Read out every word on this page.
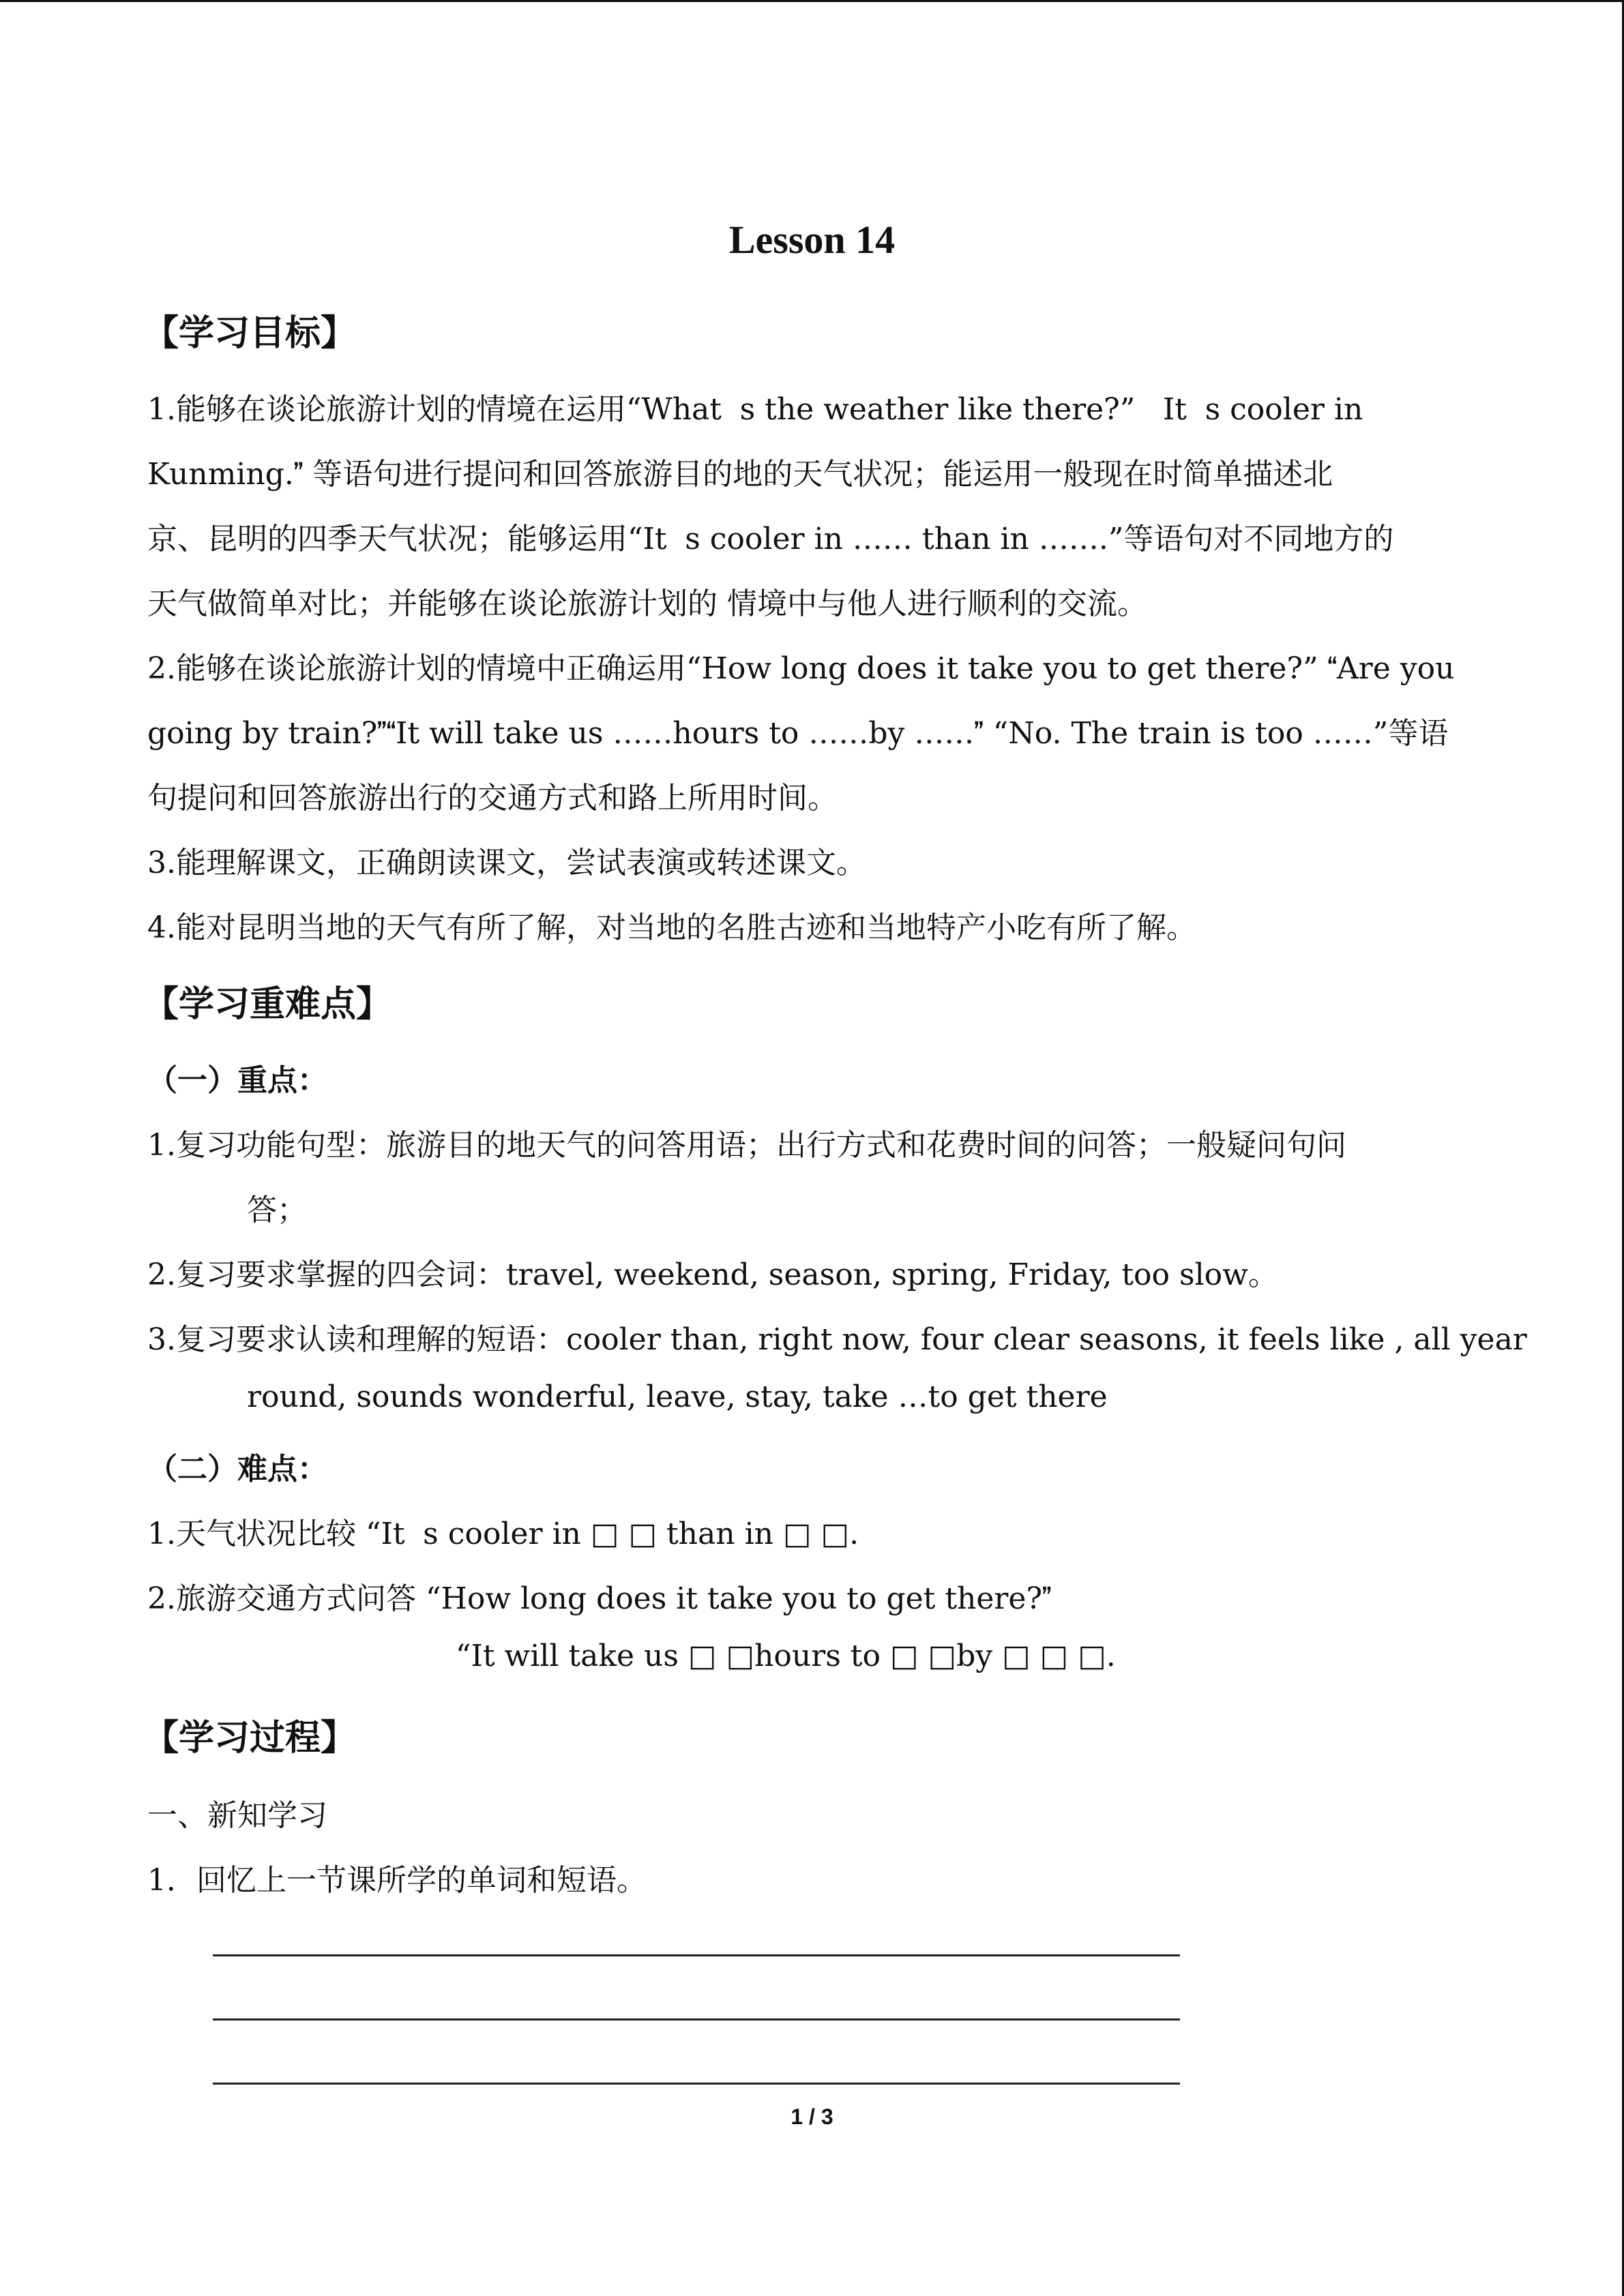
Lesson 14
【学习目标】
1.能够在谈论旅游计划的情境在运用“Whats the weather like there?” Its cooler in
Kunming. 等语句进行提问和回答旅游目的地的天气状况；能运用一般现在时简单描述北
京、昆明的四季天气状况；能够运用“Its cooler in …… than in …….”等语句对不同地方的
天气做简单对比；并能够在谈论旅游计划的 情境中与他人进行顺利的交流。
2.能够在谈论旅游计划的情境中正确运用“How long does it take you to get there?” Are you
going by train?It will take us ……hours to ……by …… “No. The train is too ……”等语
句提问和回答旅游出行的交通方式和路上所用时间。
3.能理解课文，正确朗读课文，尝试表演或转述课文。
4.能对昆明当地的天气有所了解，对当地的名胜古迹和当地特产小吃有所了解。
【学习重难点】
（一）重点：
1.复习功能句型：旅游目的地天气的问答用语；出行方式和花费时间的问答；一般疑问句问
答；
2.复习要求掌握的四会词：travel, weekend, season, spring, Friday, too slow。
3.复习要求认读和理解的短语：cooler than, right now, four clear seasons, it feels like , all year
round, sounds wonderful, leave, stay, take …to get there
（二）难点：
1.天气状况比较 “Its cooler in □ □ than in □ □.
2.旅游交通方式问答 “How long does it take you to get there?
“It will take us □ □hours to □ □by □ □ □.
【学习过程】
一、新知学习
1．回忆上一节课所学的单词和短语。
1 / 3
